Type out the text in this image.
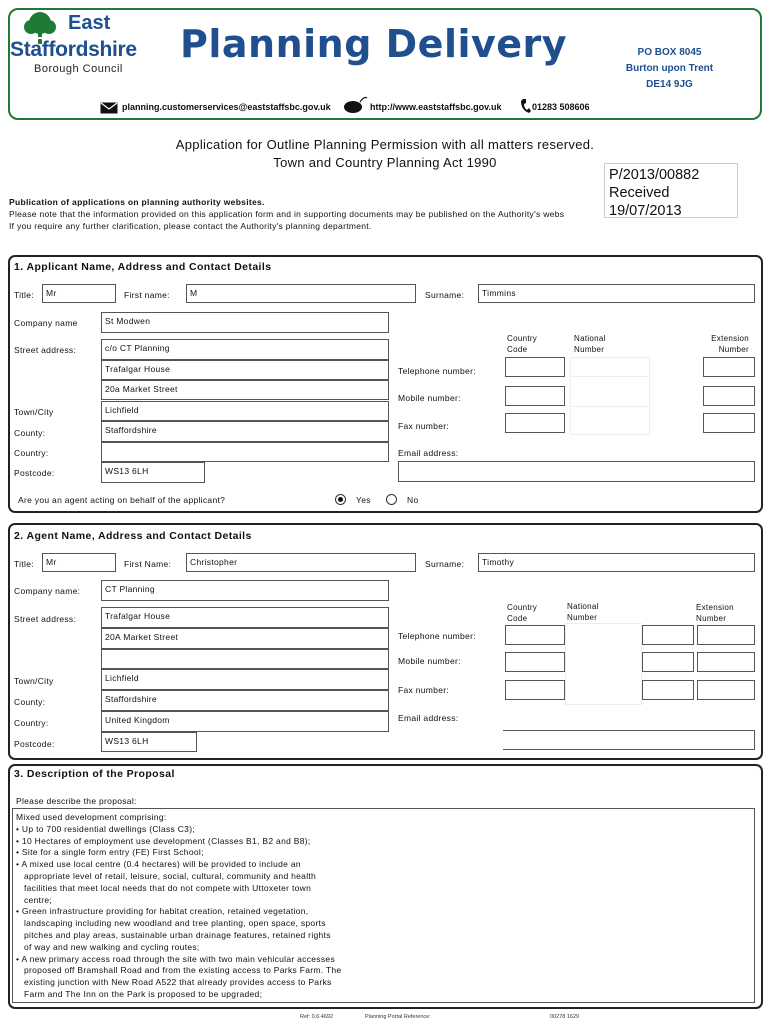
East
Staffordshire
Borough Council
Planning Delivery	PO BOX 8045
Burton upon Trent
DE14 9JG
planning.customerservices@eaststaffsbc.gov.uk	http://www.eaststaffsbc.gov.uk	01283 508606
Application for Outline Planning Permission with all matters reserved.
Town and Country Planning Act 1990
P/2013/00882
Received
19/07/2013
Publication of applications on planning authority websites.
Please note that the information provided on this application form and in supporting documents may be published on the Authority's webs
If you require any further clarification, please contact the Authority's planning department.
1. Applicant Name, Address and Contact Details
Title:	Mr	First name:	M	Surname:	Timmins
Company name	St Modwen
Street address:	c/o CT Planning
Trafalgar House
20a Market Street
Town/City	Lichfield
County:	Staffordshire
Country:
Postcode:	WS13 6LH
Country
Code
National
Number
Extension
Number
Telephone number:
Mobile number:
Fax number:
Email address:
Are you an agent acting on behalf of the applicant?	Yes	No
2. Agent Name, Address and Contact Details
Title:	Mr	First Name:	Christopher	Surname:	Timothy
Company name:	CT Planning
Street address:	Trafalgar House
20A Market Street
Town/City	Lichfield
County:	Staffordshire
Country:	United Kingdom
Postcode:	WS13 6LH
Country
Code
National
Number
Extension
Number
Telephone number:
Mobile number:
Fax number:
Email address:
3. Description of the Proposal
Please describe the proposal:
Mixed used development comprising:
• Up to 700 residential dwellings (Class C3);
• 10 Hectares of employment use development (Classes B1, B2 and B8);
• Site for a single form entry (FE) First School;
• A mixed use local centre (0.4 hectares) will be provided to include an
appropriate level of retail, leisure, social, cultural, community and health
facilities that meet local needs that do not compete with Uttoxeter town
centre;
• Green infrastructure providing for habitat creation, retained vegetation,
landscaping including new woodland and tree planting, open space, sports
pitches and play areas, sustainable urban drainage features, retained rights
of way and new walking and cycling routes;
• A new primary access road through the site with two main vehicular accesses
proposed off Bramshall Road and from the existing access to Parks Farm. The
existing junction with New Road A522 that already provides access to Parks
Farm and The Inn on the Park is proposed to be upgraded;
Ref: 0.6.4692	Planning Portal Reference:	00278 1629
